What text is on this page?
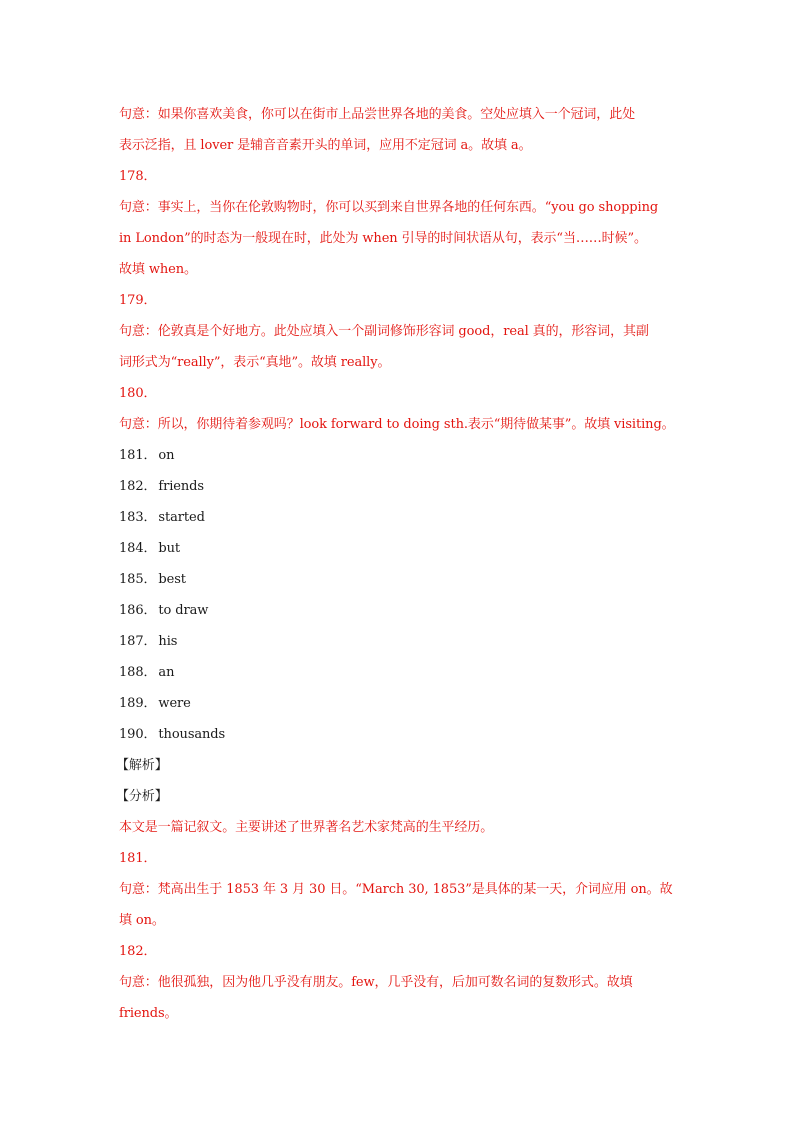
句意：如果你喜欢美食，你可以在街市上品尝世界各地的美食。空处应填入一个冠词，此处
表示泛指，且 lover 是辅音音素开头的单词，应用不定冠词 a。故填 a。
178．
句意：事实上，当你在伦敦购物时，你可以买到来自世界各地的任何东西。“you go shopping
in London”的时态为一般现在时，此处为 when 引导的时间状语从句，表示“当……时候”。
故填 when。
179．
句意：伦敦真是个好地方。此处应填入一个副词修饰形容词 good，real 真的，形容词，其副
词形式为“really”，表示“真地”。故填 really。
180．
句意：所以，你期待着参观吗？look forward to doing sth.表示“期待做某事”。故填 visiting。
181． on
182． friends
183． started
184． but
185． best
186． to draw
187． his
188． an
189． were
190． thousands
【解析】
【分析】
本文是一篇记叙文。主要讲述了世界著名艺术家梵高的生平经历。
181．
句意：梵高出生于 1853 年 3 月 30 日。“March 30, 1853”是具体的某一天，介词应用 on。故
填 on。
182．
句意：他很孤独，因为他几乎没有朋友。few，几乎没有，后加可数名词的复数形式。故填
friends。
